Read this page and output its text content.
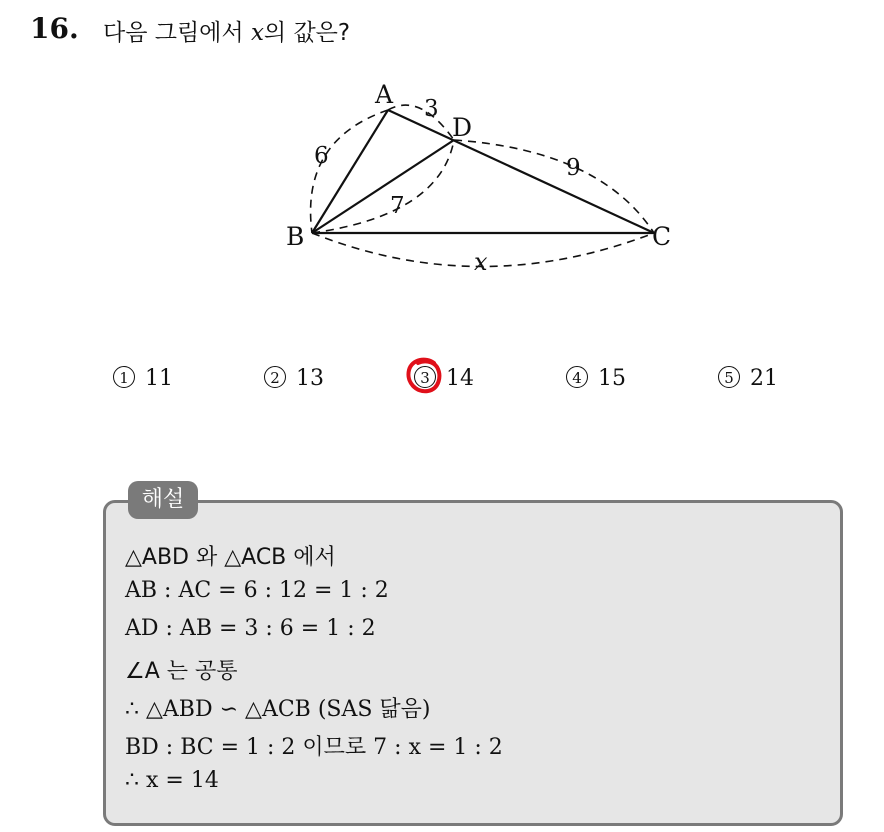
16. 다음 그림에서 x의 값은?
A
D
B	C
3
6
7
9
x
1 11	2 13	3 14	4 15	5 21
해설
△ABD 와 △ACB 에서
AB : AC = 6 : 12 = 1 : 2
AD : AB = 3 : 6 = 1 : 2
∠A 는 공통
∴ △ABD ∽ △ACB (SAS 닮음)
BD : BC = 1 : 2 이므로 7 : x = 1 : 2
∴ x = 14
